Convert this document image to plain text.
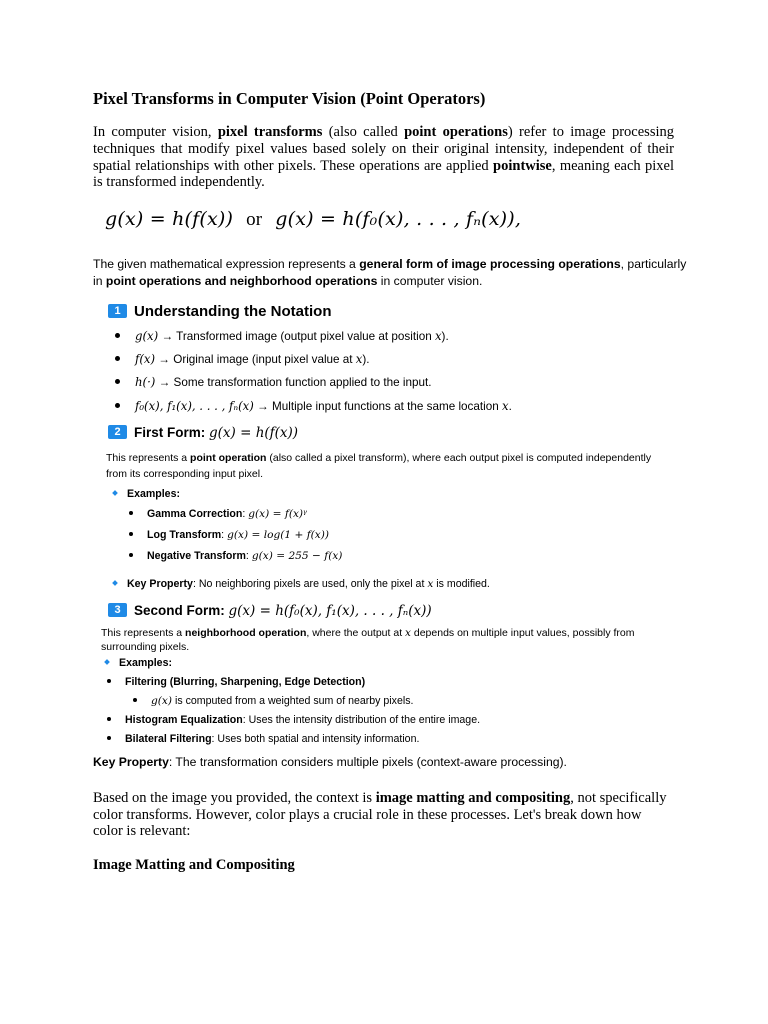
Pixel Transforms in Computer Vision (Point Operators)
In computer vision, pixel transforms (also called point operations) refer to image processing techniques that modify pixel values based solely on their original intensity, independent of their spatial relationships with other pixels. These operations are applied pointwise, meaning each pixel is transformed independently.
g(x) = h(f(x)) or g(x) = h(f₀(x), . . . , fₙ(x)),
The given mathematical expression represents a general form of image processing operations, particularly in point operations and neighborhood operations in computer vision.
1 Understanding the Notation
g(x) → Transformed image (output pixel value at position x).
f(x) → Original image (input pixel value at x).
h(·) → Some transformation function applied to the input.
f₀(x), f₁(x), . . . , fₙ(x) → Multiple input functions at the same location x.
2 First Form: g(x) = h(f(x))
This represents a point operation (also called a pixel transform), where each output pixel is computed independently from its corresponding input pixel.
Examples:
Gamma Correction: g(x) = f(x)ᵞ
Log Transform: g(x) = log(1 + f(x))
Negative Transform: g(x) = 255 − f(x)
Key Property: No neighboring pixels are used, only the pixel at x is modified.
3 Second Form: g(x) = h(f₀(x), f₁(x), . . . , fₙ(x))
This represents a neighborhood operation, where the output at x depends on multiple input values, possibly from surrounding pixels.
Examples:
Filtering (Blurring, Sharpening, Edge Detection)
g(x) is computed from a weighted sum of nearby pixels.
Histogram Equalization: Uses the intensity distribution of the entire image.
Bilateral Filtering: Uses both spatial and intensity information.
Key Property: The transformation considers multiple pixels (context-aware processing).
Based on the image you provided, the context is image matting and compositing, not specifically color transforms. However, color plays a crucial role in these processes. Let's break down how color is relevant:
Image Matting and Compositing
